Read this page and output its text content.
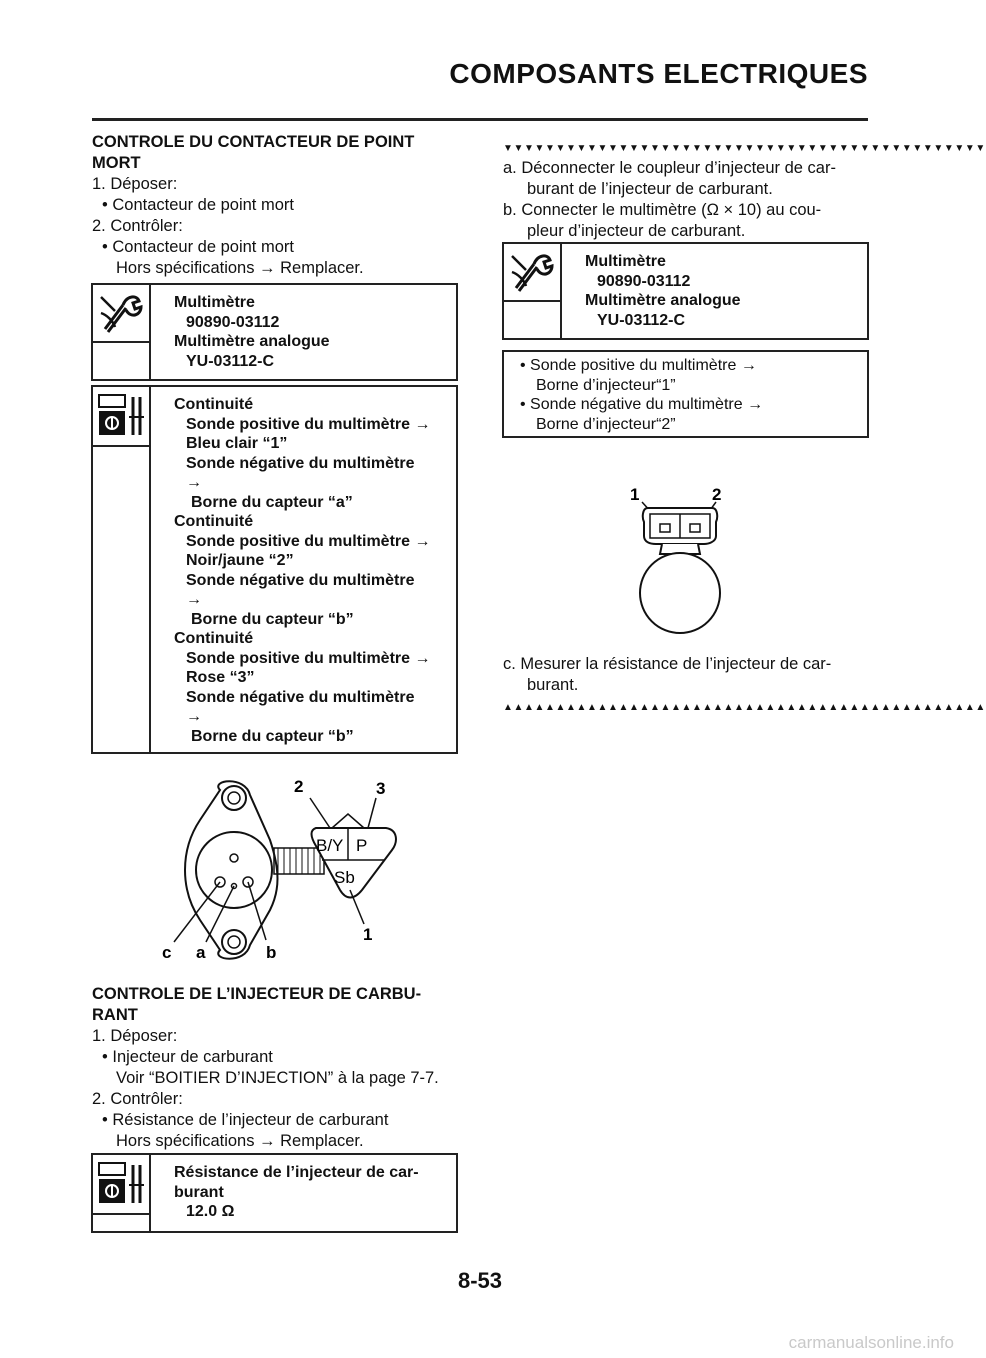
COMPOSANTS ELECTRIQUES
CONTROLE DU CONTACTEUR DE POINT
MORT
1. Déposer:
• Contacteur de point mort
2. Contrôler:
• Contacteur de point mort
Hors spécifications → Remplacer.
Multimètre
90890-03112
Multimètre analogue
YU-03112-C
Continuité
Sonde positive du multimètre →
Bleu clair “1”
Sonde négative du multimètre
→
Borne du capteur “a”
Continuité
Sonde positive du multimètre →
Noir/jaune “2”
Sonde négative du multimètre
→
Borne du capteur “b”
Continuité
Sonde positive du multimètre →
Rose “3”
Sonde négative du multimètre
→
Borne du capteur “b”
B/Y P
Sb
2	3
1
c a	b
CONTROLE DE L’INJECTEUR DE CARBU-
RANT
1. Déposer:
• Injecteur de carburant
Voir “BOITIER D’INJECTION” à la page 7-7.
2. Contrôler:
• Résistance de l’injecteur de carburant
Hors spécifications → Remplacer.
Résistance de l’injecteur de car-
burant
12.0 Ω
▼▼▼▼▼▼▼▼▼▼▼▼▼▼▼▼▼▼▼▼▼▼▼▼▼▼▼▼▼▼▼▼▼▼▼▼▼▼▼▼▼▼▼▼▼▼
a. Déconnecter le coupleur d’injecteur de car-
burant de l’injecteur de carburant.
b. Connecter le multimètre (Ω × 10) au cou-
pleur d’injecteur de carburant.
Multimètre
90890-03112
Multimètre analogue
YU-03112-C
• Sonde positive du multimètre →
Borne d’injecteur“1”
• Sonde négative du multimètre →
Borne d’injecteur“2”
1	2
c. Mesurer la résistance de l’injecteur de car-
burant.
▲▲▲▲▲▲▲▲▲▲▲▲▲▲▲▲▲▲▲▲▲▲▲▲▲▲▲▲▲▲▲▲▲▲▲▲▲▲▲▲▲▲▲▲▲▲
8-53
carmanualsonline.info
